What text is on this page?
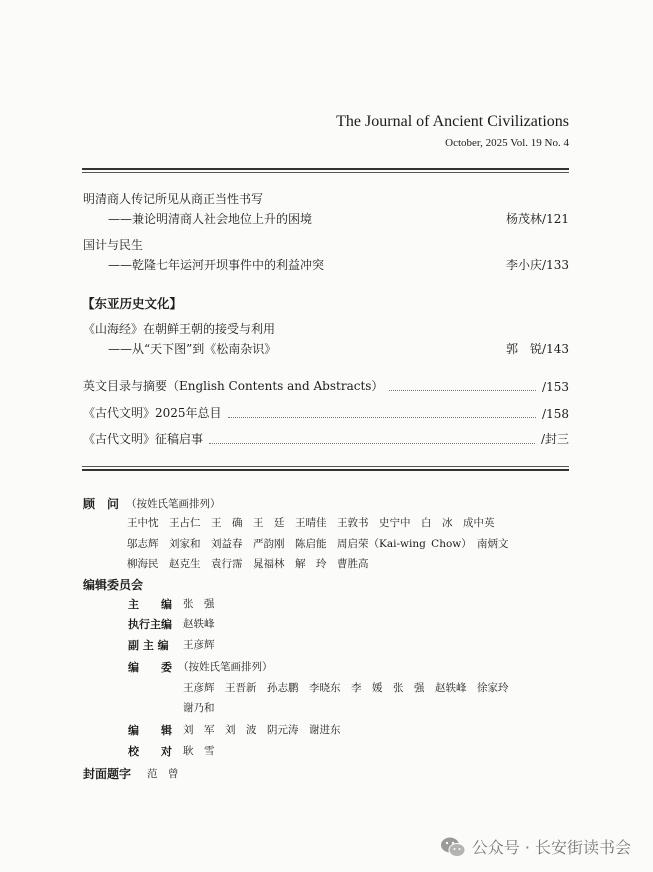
The Journal of Ancient Civilizations
October, 2025 Vol. 19 No. 4
明清商人传记所见从商正当性书写
——兼论明清商人社会地位上升的困境	杨茂林/121
国计与民生
——乾隆七年运河开坝事件中的利益冲突	李小庆/133
【东亚历史文化】
《山海经》在朝鲜王朝的接受与利用
——从“天下图”到《松南杂识》	郭　锐/143
英文目录与摘要（English Contents and Abstracts）	/153
《古代文明》2025年总目	/158
《古代文明》征稿启事	/封三
顾　问 （按姓氏笔画排列）
王中忱　王占仁　王　确　王　廷　王晴佳　王敦书　史宁中　白　冰　成中英
邬志辉　刘家和　刘益春　严韵刚　陈启能　周启荣（Kai-wing Chow）　南炳文
柳海民　赵克生　袁行霈　晁福林　解　玲　曹胜高
编辑委员会
主　　编 张　强
执行主编 赵轶峰
副 主 编 王彦辉
编　　委 （按姓氏笔画排列）
王彦辉　王晋新　孙志鹏　李晓东　李　媛　张　强　赵轶峰　徐家玲
谢乃和
编　　辑 刘　军　刘　波　阴元涛　谢进东
校　　对 耿　雪
封面题字 范　曾
公众号 · 长安街读书会
